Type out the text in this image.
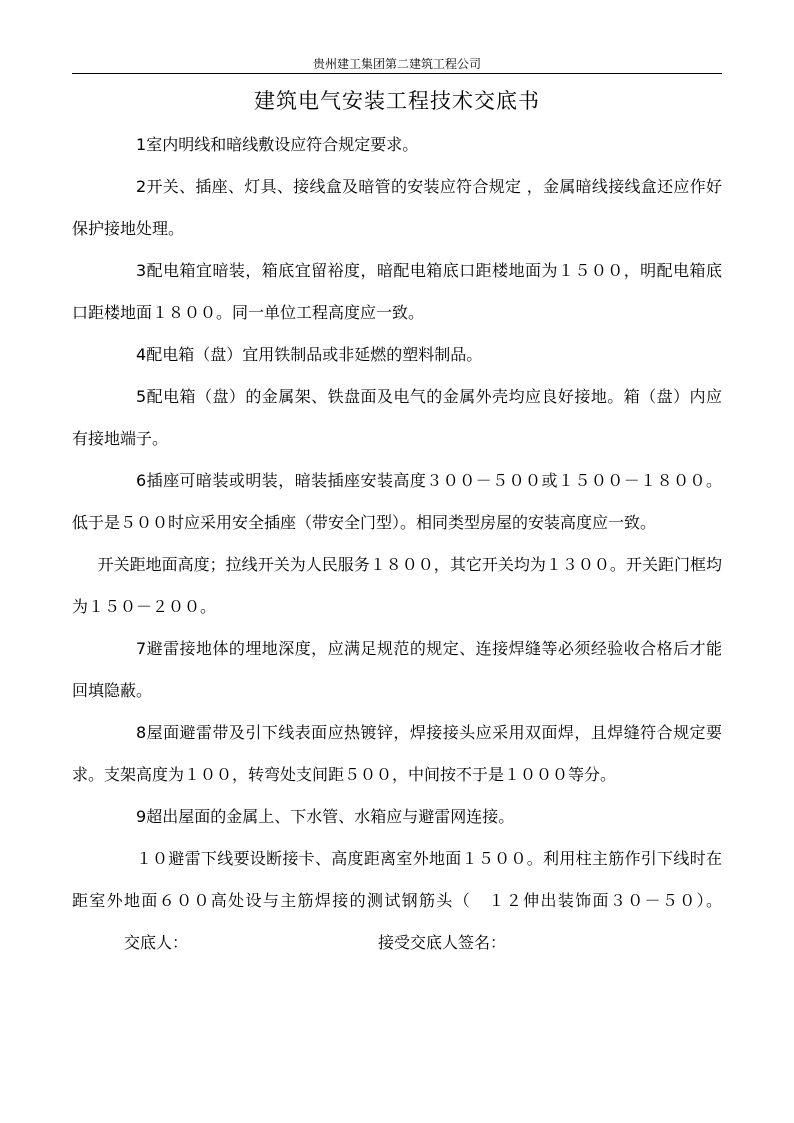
贵州建工集团第二建筑工程公司
建筑电气安装工程技术交底书

1室内明线和暗线敷设应符合规定要求。

2开关、插座、灯具、接线盒及暗管的安装应符合规定 ，金属暗线接线盒还应作好保护接地处理。

3配电箱宜暗装，箱底宜留裕度，暗配电箱底口距楼地面为１５００，明配电箱底口距楼地面１８００。同一单位工程高度应一致。

4配电箱（盘）宜用铁制品或非延燃的塑料制品。

5配电箱（盘）的金属架、铁盘面及电气的金属外壳均应良好接地。箱（盘）内应有接地端子。

6插座可暗装或明装，暗装插座安装高度３００－５００或１５００－１８００。低于是５００时应采用安全插座（带安全门型）。相同类型房屋的安装高度应一致。

开关距地面高度；拉线开关为人民服务１８００，其它开关均为１３００。开关距门框均为１５０－２００。

7避雷接地体的埋地深度，应满足规范的规定、连接焊缝等必须经验收合格后才能回填隐蔽。

8屋面避雷带及引下线表面应热镀锌，焊接接头应采用双面焊，且焊缝符合规定要求。支架高度为１００，转弯处支间距５００，中间按不于是１０００等分。

9超出屋面的金属上、下水管、水箱应与避雷网连接。

１０避雷下线要设断接卡、高度距离室外地面１５００。利用柱主筋作引下线时在距室外地面６００高处设与主筋焊接的测试钢筋头（　１２伸出装饰面３０－５０）。交底人：	接受交底人签名：
